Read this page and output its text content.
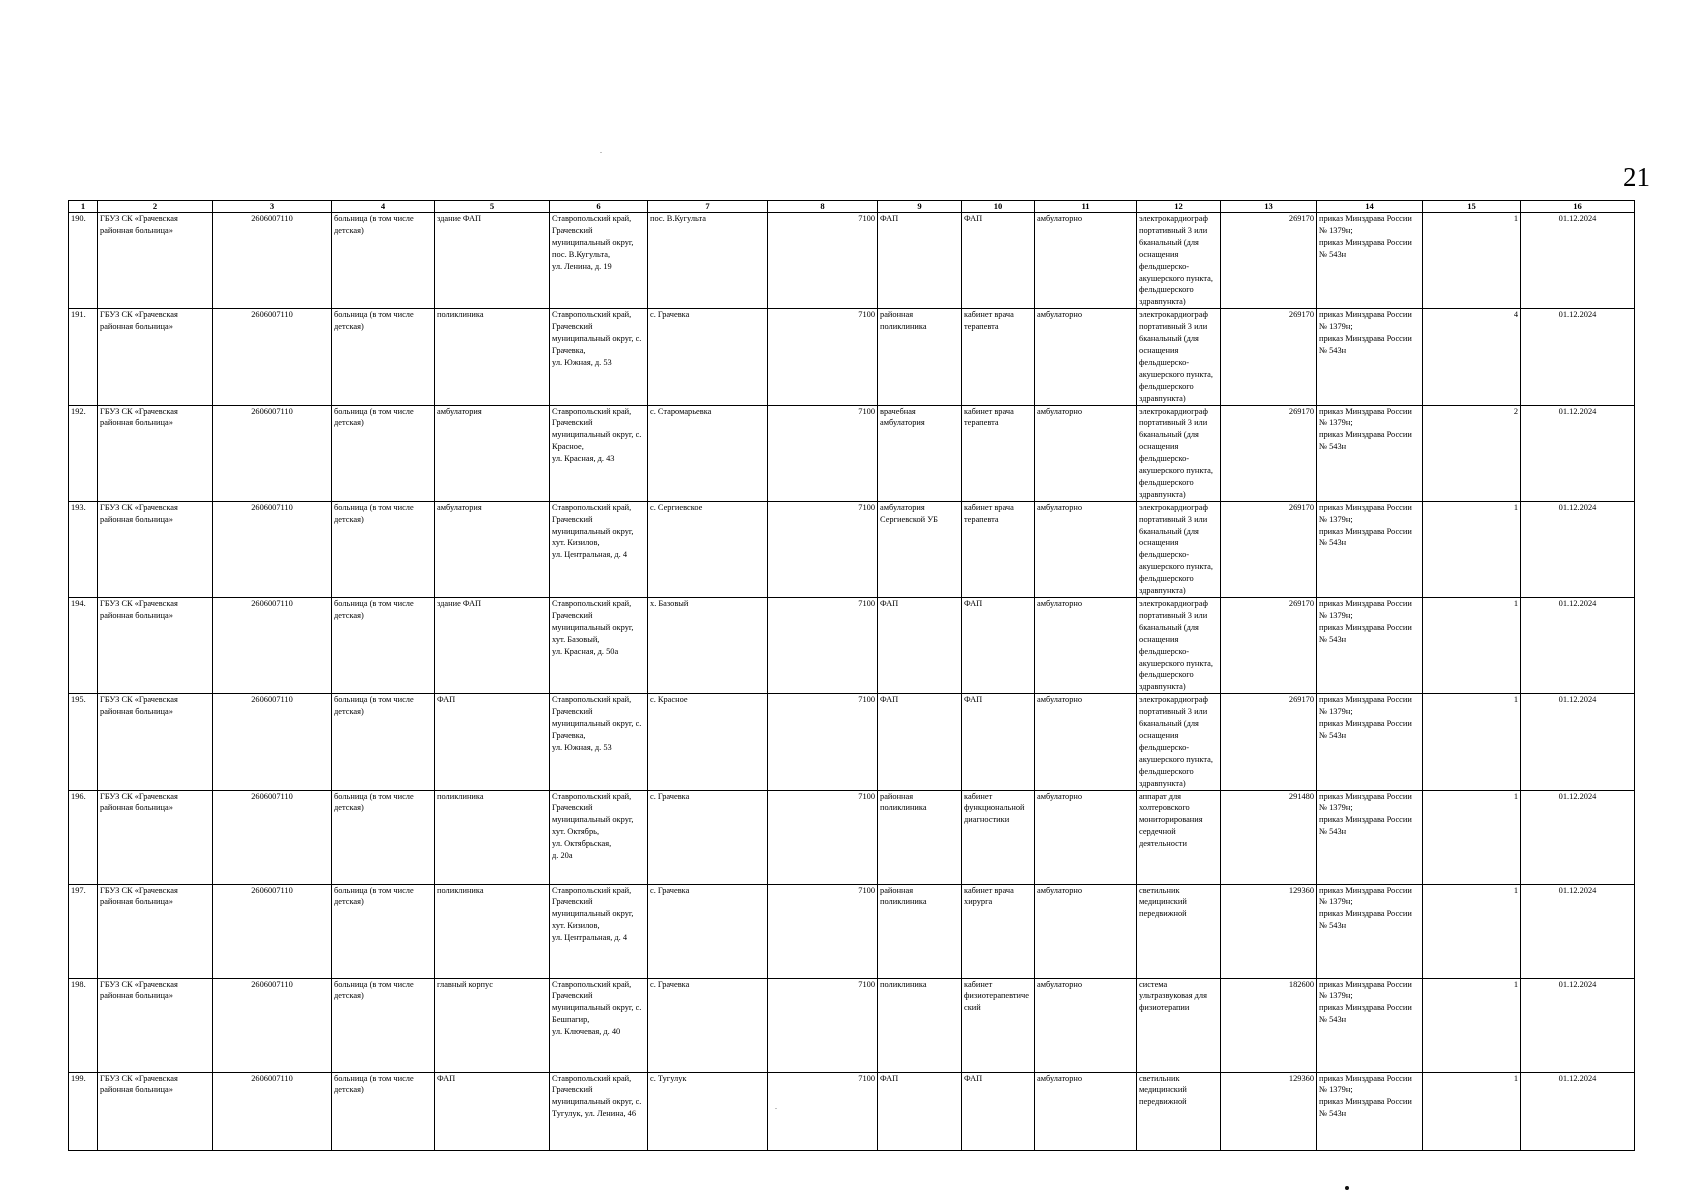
21
1	2	3	4	5	6	7	8	9	10	11	12	13	14	15	16
190.	ГБУЗ СК «Грачевская районная больница»	2606007110	больница (в том числе детская)	здание ФАП	Ставропольский край, Грачевский муниципальный округ, пос. В.Кугульта,
ул. Ленина, д. 19	пос. В.Кугульта	7100	ФАП	ФАП	амбулаторно	электрокардиограф портативный 3 или 6канальный (для оснащения фельдшерско-акушерского пункта, фельдшерского здравпункта)	269170	приказ Минздрава России № 1379н;
приказ Минздрава России № 543н	1	01.12.2024
191.	ГБУЗ СК «Грачевская районная больница»	2606007110	больница (в том числе детская)	поликлиника	Ставропольский край, Грачевский муниципальный округ, с. Грачевка,
ул. Южная, д. 53	с. Грачевка	7100	районная поликлиника	кабинет врача терапевта	амбулаторно	электрокардиограф портативный 3 или 6канальный (для оснащения фельдшерско-акушерского пункта, фельдшерского здравпункта)	269170	приказ Минздрава России № 1379н;
приказ Минздрава России № 543н	4	01.12.2024
192.	ГБУЗ СК «Грачевская районная больница»	2606007110	больница (в том числе детская)	амбулатория	Ставропольский край, Грачевский муниципальный округ, с. Красное,
ул. Красная, д. 43	с. Старомарьевка	7100	врачебная амбулатория	кабинет врача терапевта	амбулаторно	электрокардиограф портативный 3 или 6канальный (для оснащения фельдшерско-акушерского пункта, фельдшерского здравпункта)	269170	приказ Минздрава России № 1379н;
приказ Минздрава России № 543н	2	01.12.2024
193.	ГБУЗ СК «Грачевская районная больница»	2606007110	больница (в том числе детская)	амбулатория	Ставропольский край, Грачевский муниципальный округ, хут. Кизилов,
ул. Центральная, д. 4	с. Сергиевское	7100	амбулатория Сергиевской УБ	кабинет врача терапевта	амбулаторно	электрокардиограф портативный 3 или 6канальный (для оснащения фельдшерско-акушерского пункта, фельдшерского здравпункта)	269170	приказ Минздрава России № 1379н;
приказ Минздрава России № 543н	1	01.12.2024
194.	ГБУЗ СК «Грачевская районная больница»	2606007110	больница (в том числе детская)	здание ФАП	Ставропольский край, Грачевский муниципальный округ, хут. Базовый,
ул. Красная, д. 50а	х. Базовый	7100	ФАП	ФАП	амбулаторно	электрокардиограф портативный 3 или 6канальный (для оснащения фельдшерско-акушерского пункта, фельдшерского здравпункта)	269170	приказ Минздрава России № 1379н;
приказ Минздрава России № 543н	1	01.12.2024
195.	ГБУЗ СК «Грачевская районная больница»	2606007110	больница (в том числе детская)	ФАП	Ставропольский край, Грачевский муниципальный округ, с. Грачевка,
ул. Южная, д. 53	с. Красное	7100	ФАП	ФАП	амбулаторно	электрокардиограф портативный 3 или 6канальный (для оснащения фельдшерско-акушерского пункта, фельдшерского здравпункта)	269170	приказ Минздрава России № 1379н;
приказ Минздрава России № 543н	1	01.12.2024
196.	ГБУЗ СК «Грачевская районная больница»	2606007110	больница (в том числе детская)	поликлиника	Ставропольский край, Грачевский муниципальный округ, хут. Октябрь,
ул. Октябрьская,
д. 20а	с. Грачевка	7100	районная поликлиника	кабинет функциональной диагностики	амбулаторно	аппарат для холтеровского мониторирования сердечной деятельности	291480	приказ Минздрава России № 1379н;
приказ Минздрава России № 543н	1	01.12.2024
197.	ГБУЗ СК «Грачевская районная больница»	2606007110	больница (в том числе детская)	поликлиника	Ставропольский край, Грачевский муниципальный округ, хут. Кизилов,
ул. Центральная, д. 4	с. Грачевка	7100	районная поликлиника	кабинет врача хирурга	амбулаторно	светильник медицинский передвижной	129360	приказ Минздрава России № 1379н;
приказ Минздрава России № 543н	1	01.12.2024
198.	ГБУЗ СК «Грачевская районная больница»	2606007110	больница (в том числе детская)	главный корпус	Ставропольский край, Грачевский муниципальный округ, с. Бешпагир,
ул. Ключевая, д. 40	с. Грачевка	7100	поликлиника	кабинет физиотерапевтический	амбулаторно	система ультразвуковая для физиотерапии	182600	приказ Минздрава России № 1379н;
приказ Минздрава России № 543н	1	01.12.2024
199.	ГБУЗ СК «Грачевская районная больница»	2606007110	больница (в том числе детская)	ФАП	Ставропольский край, Грачевский муниципальный округ, с. Тугулук, ул. Ленина, 46	с. Тугулук	7100	ФАП	ФАП	амбулаторно	светильник медицинский передвижной	129360	приказ Минздрава России № 1379н;
приказ Минздрава России № 543н	1	01.12.2024
